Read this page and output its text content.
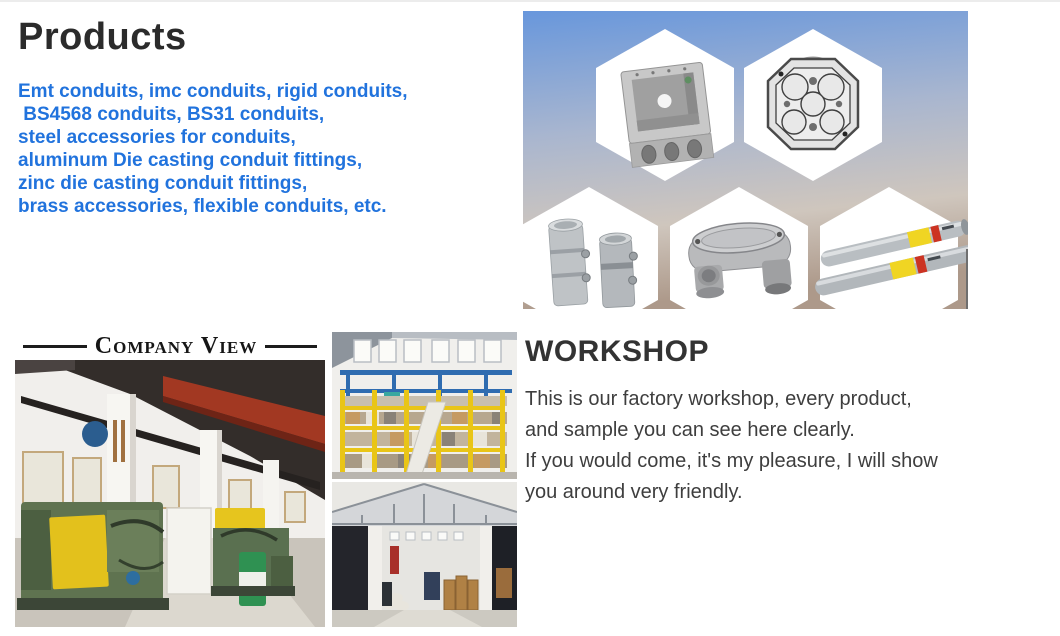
Products
Emt conduits, imc conduits, rigid conduits,
BS4568 conduits, BS31 conduits,
steel accessories for conduits,
aluminum Die casting conduit fittings,
zinc die casting conduit fittings,
brass accessories, flexible conduits, etc.
Company View	WORKSHOP
This is our factory workshop, every product,
and sample you can see here clearly.
If you would come, it's my pleasure, I will show
you around very friendly.
